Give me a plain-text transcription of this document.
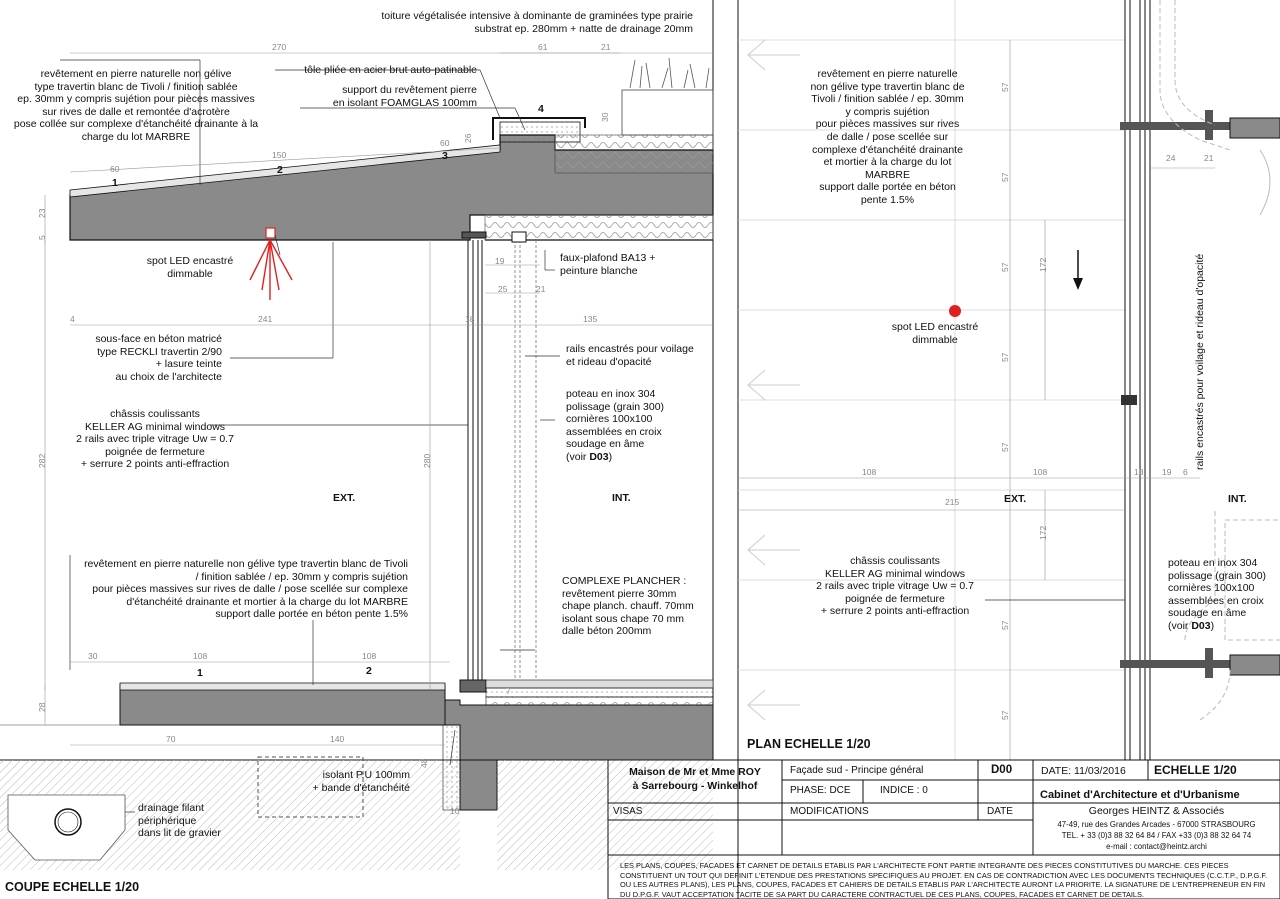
toiture végétalisée intensive à dominante de graminées type prairie
substrat ep. 280mm + natte de drainage 20mm
revêtement en pierre naturelle non gélive
type travertin blanc de Tivoli / finition sablée
ep. 30mm y compris sujétion pour pièces massives
sur rives de dalle et remontée d'acrotère
pose collée sur complexe d'étanchéité drainante à la
charge du lot MARBRE
tôle pliée en acier brut auto-patinable
support du revêtement pierre
en isolant FOAMGLAS 100mm
spot LED encastré
dimmable
faux-plafond BA13 +
peinture blanche
sous-face en béton matricé
type RECKLI travertin 2/90
+ lasure teinte
au choix de l'architecte
rails encastrés pour voilage
et rideau d'opacité
châssis coulissants
KELLER AG minimal windows
2 rails avec triple vitrage Uw = 0.7
poignée de fermeture
+ serrure 2 points anti-effraction
poteau en inox 304
polissage (grain 300)
cornières 100x100
assemblées en croix
soudage en âme
(voir D03)
EXT.	INT.
revêtement en pierre naturelle non gélive type travertin blanc de Tivoli
/ finition sablée / ep. 30mm y compris sujétion
pour pièces massives sur rives de dalle / pose scellée sur complexe
d'étanchéité drainante et mortier à la charge du lot MARBRE
support dalle portée en béton pente 1.5%
COMPLEXE PLANCHER :
revêtement pierre 30mm
chape planch. chauff. 70mm
isolant sous chape 70 mm
dalle béton 200mm
isolant P.U 100mm
+ bande d'étanchéité
drainage filant
périphérique
dans lit de gravier
COUPE ECHELLE 1/20
1
2
3
4
1	2
270	61	21
30
60 26
60
150
23
5
27
19
25	21
4	241	18	135
282	280
30	108	108
28
70	140
20
48
10
7
revêtement en pierre naturelle
non gélive type travertin blanc de
Tivoli / finition sablée / ep. 30mm
y compris sujétion
pour pièces massives sur rives
de dalle / pose scellée sur
complexe d'étanchéité drainante
et mortier à la charge du lot
MARBRE
support dalle portée en béton
pente 1.5%
spot LED encastré
dimmable	rails encastrés pour voilage et rideau d'opacité
EXT.	INT.
châssis coulissants
KELLER AG minimal windows
2 rails avec triple vitrage Uw = 0.7
poignée de fermeture
+ serrure 2 points anti-effraction
poteau en inox 304
polissage (grain 300)
cornières 100x100
assemblées en croix
soudage en âme
(voir D03)
PLAN ECHELLE 1/20
57
57
57
57
57
57
57
172
172
24	21
108	108
215
18 19 6
Maison de Mr et Mme ROY
à Sarrebourg - Winkelhof
Façade sud - Principe général	D00	DATE: 11/03/2016 ECHELLE 1/20
PHASE: DCE	INDICE : 0
VISAS	MODIFICATIONS	DATE
Cabinet d'Architecture et d'Urbanisme
Georges HEINTZ & Associés
47-49, rue des Grandes Arcades - 67000 STRASBOURG
TEL. + 33 (0)3 88 32 64 84 / FAX +33 (0)3 88 32 64 74
e-mail : contact@heintz.archi
LES PLANS, COUPES, FACADES ET CARNET DE DETAILS ETABLIS PAR L'ARCHITECTE FONT PARTIE INTEGRANTE DES PIECES CONSTITUTIVES DU MARCHE. CES PIECES CONSTITUENT UN TOUT QUI DEFINIT L'ETENDUE DES PRESTATIONS SPECIFIQUES AU PROJET. EN CAS DE CONTRADICTION AVEC LES DOCUMENTS TECHNIQUES (C.C.T.P., D.P.G.F. OU LES AUTRES PLANS), LES PLANS, COUPES, FACADES ET CAHIERS DE DETAILS ETABLIS PAR L'ARCHITECTE AURONT LA PRIORITE. LA SIGNATURE DE L'ENTREPRENEUR EN FIN DU D.P.G.F. VAUT ACCEPTATION TACITE DE SA PART DU CARACTERE CONTRACTUEL DE CES PLANS, COUPES, FACADES ET CARNET DE DETAILS.
